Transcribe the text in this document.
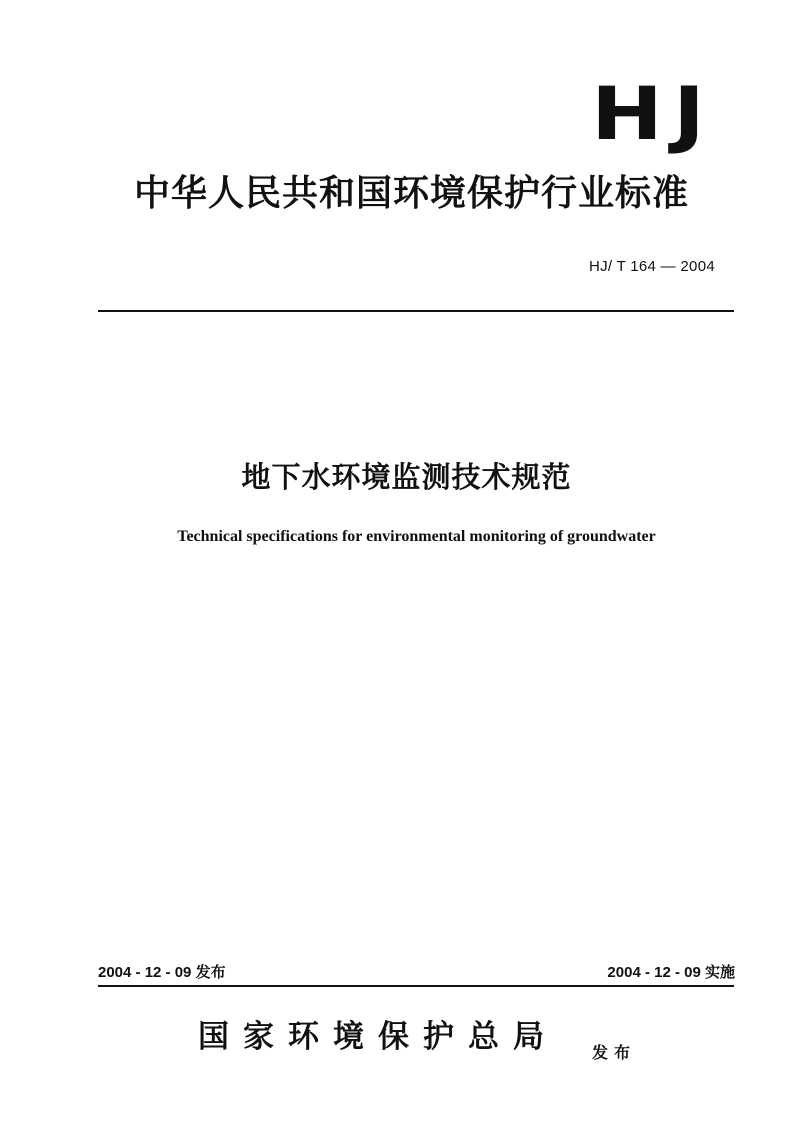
HJ
中华人民共和国环境保护行业标准
HJ/ T 164 — 2004
地下水环境监测技术规范
Technical specifications for environmental monitoring of groundwater
2004 - 12 - 09 发布	2004 - 12 - 09 实施
国家环境保护总局 发布
